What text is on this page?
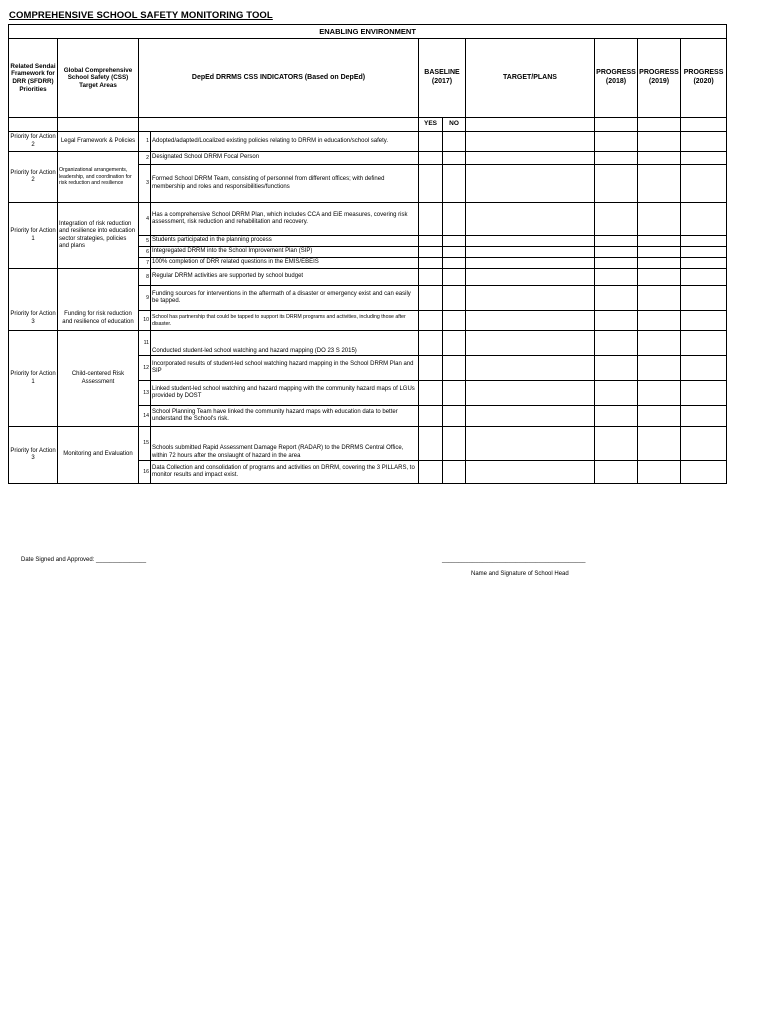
COMPREHENSIVE SCHOOL SAFETY MONITORING TOOL
ENABLING ENVIRONMENT									
Related Sendai Framework for DRR (SFDRR) Priorities	Global Comprehensive School Safety (CSS) Target Areas	DepEd DRRMS CSS INDICATORS (Based on DepEd)		BASELINE (2017)		TARGET/PLANS	PROGRESS (2018)	PROGRESS (2019)	PROGRESS (2020)
				YES	NO				
Priority for Action 2	Legal Framework & Policies	1	Adopted/adapted/Localized existing policies relating to DRRM in education/school safety.						
Priority for Action 2	Organizational arrangements, leadership, and coordination for risk reduction and resilience	2	Designated School DRRM Focal Person						
		3	Formed School DRRM Team, consisting of personnel from different offices; with defined membership and roles and responsibilities/functions						
Priority for Action 1	Integration of risk reduction and resilience into education sector strategies, policies and plans	4	Has a comprehensive School DRRM Plan, which includes CCA and EiE measures, covering risk assessment, risk reduction and rehabilitation and recovery.						
		5	Students participated in the planning process						
		6	Integregated DRRM into the School Improvement Plan (SIP)						
		7	100% completion of DRR related questions in the EMIS/EBEIS						
Priority for Action 3	Funding for risk reduction and resilience of education	8	Regular DRRM activities are supported by school budget						
		9	Funding sources for interventions in the aftermath of a disaster or emergency exist and can easily be tapped.						
		10	School has partnership that could be tapped to support its DRRM programs and activities, including those after disaster.						
Priority for Action 1	Child-centered Risk Assessment	11	Conducted student-led school watching and hazard mapping (DO 23 S 2015)						
		12	Incorporated results of student-led school watching hazard mapping in the School DRRM Plan and SIP						
		13	Linked student-led school watching and hazard mapping with the community hazard maps of LGUs provided by DOST						
		14	School Planning Team have linked the community hazard maps with education data to better understand the School's risk.						
Priority for Action 3	Monitoring and Evaluation	15	Schools submitted Rapid Assessment Damage Report (RADAR) to the DRRMS Central Office, within 72 hours after the onslaught of hazard in the area						
		16	Data Collection and consolidation of programs and activities on DRRM, covering the 3 PILLARS, to monitor results and impact exist.						
Date Signed and Approved: _______________	___________________________________________
Name and Signature of School Head
